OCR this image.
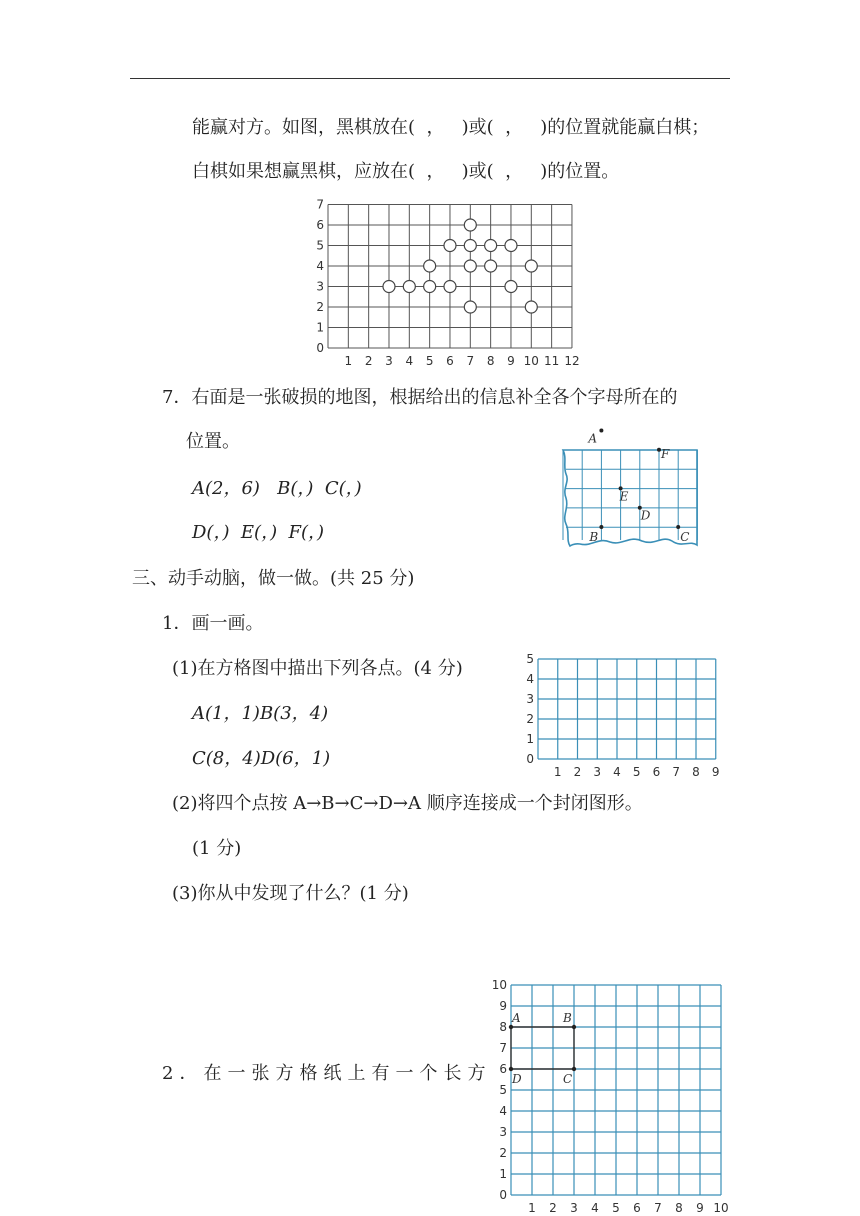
能赢对方。如图，黑棋放在(  ，   )或(  ，   )的位置就能赢白棋；
白棋如果想赢黑棋，应放在(  ，   )或(  ，   )的位置。
1 2 3 4 5 6 7 8 9 10 11 12
0
1
2
3
4
5
6
7
7．右面是一张破损的地图，根据给出的信息补全各个字母所在的
位置。
A(2，6)   B(，)  C(，)
D(，)  E(，)  F(，)
A
F
E
D
B	C
三、动手动脑，做一做。(共 25 分)
1．画一画。
(1)在方格图中描出下列各点。(4 分)
A(1，1)B(3，4)
C(8，4)D(6，1)
(2)将四个点按 A→B→C→D→A 顺序连接成一个封闭图形。
(1 分)
(3)你从中发现了什么？(1 分)
1 2 3 4 5 6 7 8 9
0
1
2
3
4
5
2．在一张方格纸上有一个长方
1 2 3 4 5 6 7 8 9 10
0
1
2
3
4
5
6
7
8
9
10
A	B
C
D
